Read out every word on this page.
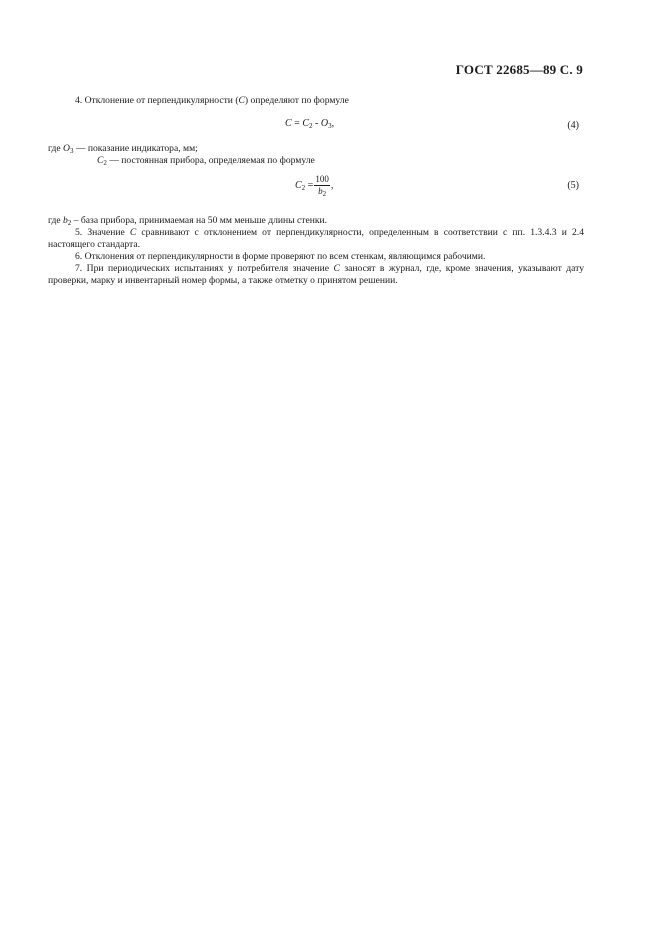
ГОСТ 22685—89 С. 9
4. Отклонение от перпендикулярности (С) определяют по формуле
$С = С_2 - О_3$,	(4)
где $О_3$ — показание индикатора, мм;
$С_2$ — постоянная прибора, определяемая по формуле
$С_2 = \frac{100}{b_2}$ ,	(5)
где $b_2$ – база прибора, принимаемая на 50 мм меньше длины стенки.
5. Значение С сравнивают с отклонением от перпендикулярности, определенным в соответствии с пп. 1.3.4.3 и 2.4 настоящего стандарта.
6. Отклонения от перпендикулярности в форме проверяют по всем стенкам, являющимся рабочими.
7. При периодических испытаниях у потребителя значение С заносят в журнал, где, кроме значения, указывают дату проверки, марку и инвентарный номер формы, а также отметку о принятом решении.
